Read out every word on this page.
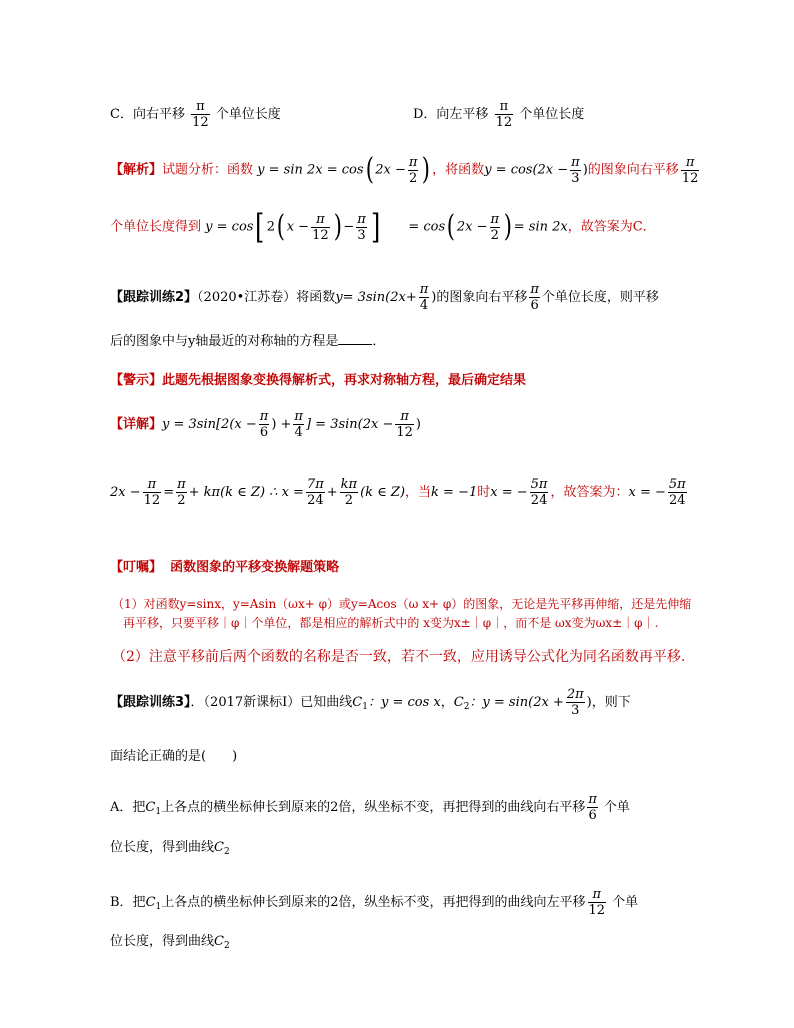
C．向右平移 $\frac{\pi}{12}$ 个单位长度	D．向左平移 $\frac{\pi}{12}$ 个单位长度
【解析】试题分析：函数 y = sin 2x = cos( $2x - \frac{\pi}{2}$ ) ，将函数$y = \cos(2x - \frac{\pi}{3}$ )的图象向右平移 $\frac{\pi}{12}$
个单位长度得到 y = cos[ 2( $x - \frac{\pi}{12}$ ) − $\frac{\pi}{3}$ ] = cos( $2x - \frac{\pi}{2}$ ) = sin 2x，故答案为C．
【跟踪训练2】（2020•江苏卷）将函数$y= 3\sin(2x+ \frac{\pi}{4}$ )的图象向右平移 $\frac{\pi}{6}$ 个单位长度，则平移
后的图象中与y轴最近的对称轴的方程是	．
【警示】此题先根据图象变换得解析式，再求对称轴方程，最后确定结果
【详解】$y = 3\sin[2(x - \frac{\pi}{6}$ ) + $\frac{\pi}{4}$ ] = $3\sin(2x - \frac{\pi}{12}$ )
$2x - \frac{\pi}{12} = \frac{\pi}{2} + k\pi(k$ ∈ Z) ∴ $x = \frac{7\pi}{24} + \frac{k\pi}{2} (k$ ∈ Z)，当k = −1时x = − $\frac{5\pi}{24}$ ，故答案为：x = − $\frac{5\pi}{24}$
【叮嘱】 函数图象的平移变换解题策略
（1）对函数y=sinx，y=Asin（ωx+ φ）或y=Acos（ω x+ φ）的图象，无论是先平移再伸缩，还是先伸缩
再平移，只要平移｜φ｜个单位，都是相应的解析式中的 x变为x±｜φ｜，而不是 ωx变为ωx±｜φ｜.
（2）注意平移前后两个函数的名称是否一致，若不一致，应用诱导公式化为同名函数再平移.
【跟踪训练3】．（2017新课标Ⅰ）已知曲线$C_1$：y = cos x，$C_2$：$y = \sin(2x + \frac{2\pi}{3}$ )，则下
面结论正确的是(　　)
A．把$C_1$上各点的横坐标伸长到原来的2倍，纵坐标不变，再把得到的曲线向右平移 $\frac{\pi}{6}$ 个单
位长度，得到曲线$C_2$
B．把$C_1$上各点的横坐标伸长到原来的2倍，纵坐标不变，再把得到的曲线向左平移 $\frac{\pi}{12}$ 个单
位长度，得到曲线$C_2$
